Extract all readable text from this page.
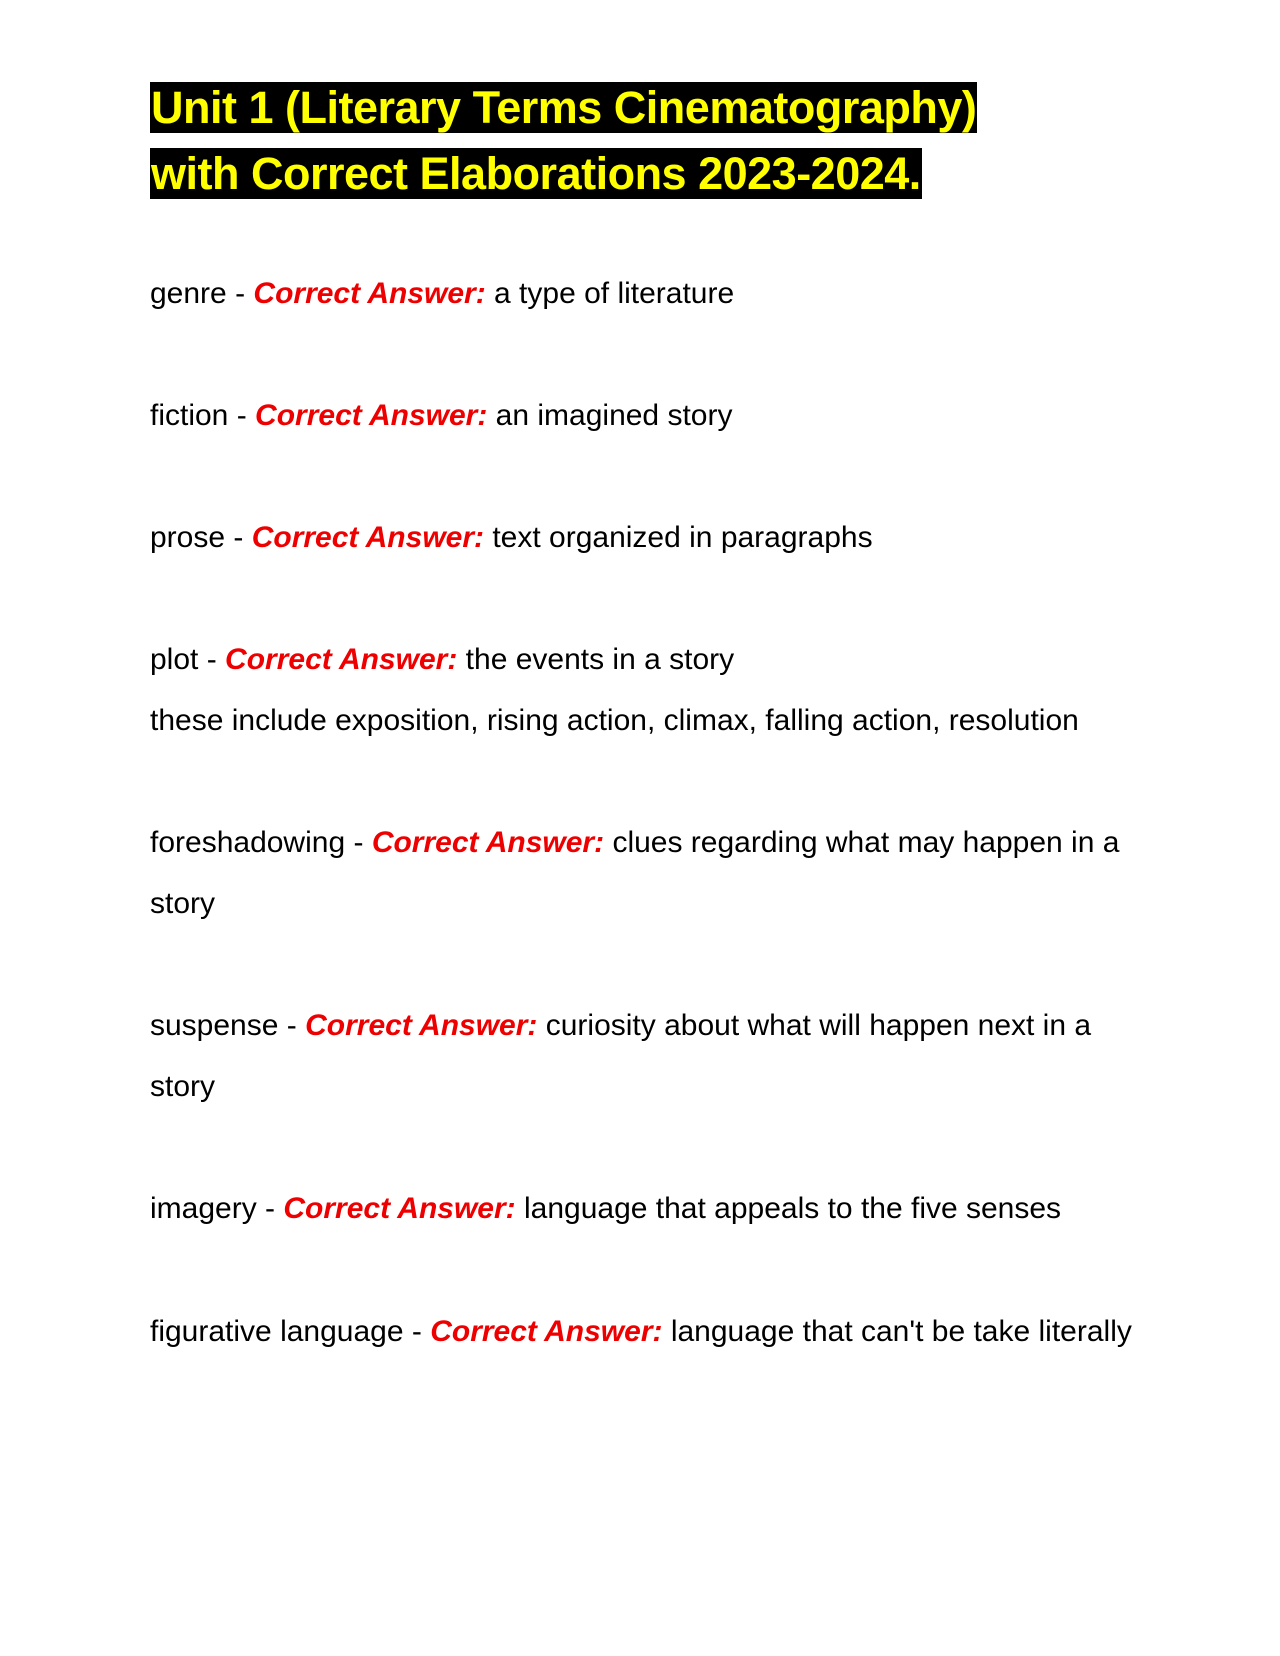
Unit 1 (Literary Terms Cinematography)
with Correct Elaborations 2023-2024.

genre - Correct Answer: a type of literature

fiction - Correct Answer: an imagined story

prose - Correct Answer: text organized in paragraphs

plot - Correct Answer: the events in a story
these include exposition, rising action, climax, falling action, resolution

foreshadowing - Correct Answer: clues regarding what may happen in a story

suspense - Correct Answer: curiosity about what will happen next in a story

imagery - Correct Answer: language that appeals to the five senses

figurative language - Correct Answer: language that can't be take literally
